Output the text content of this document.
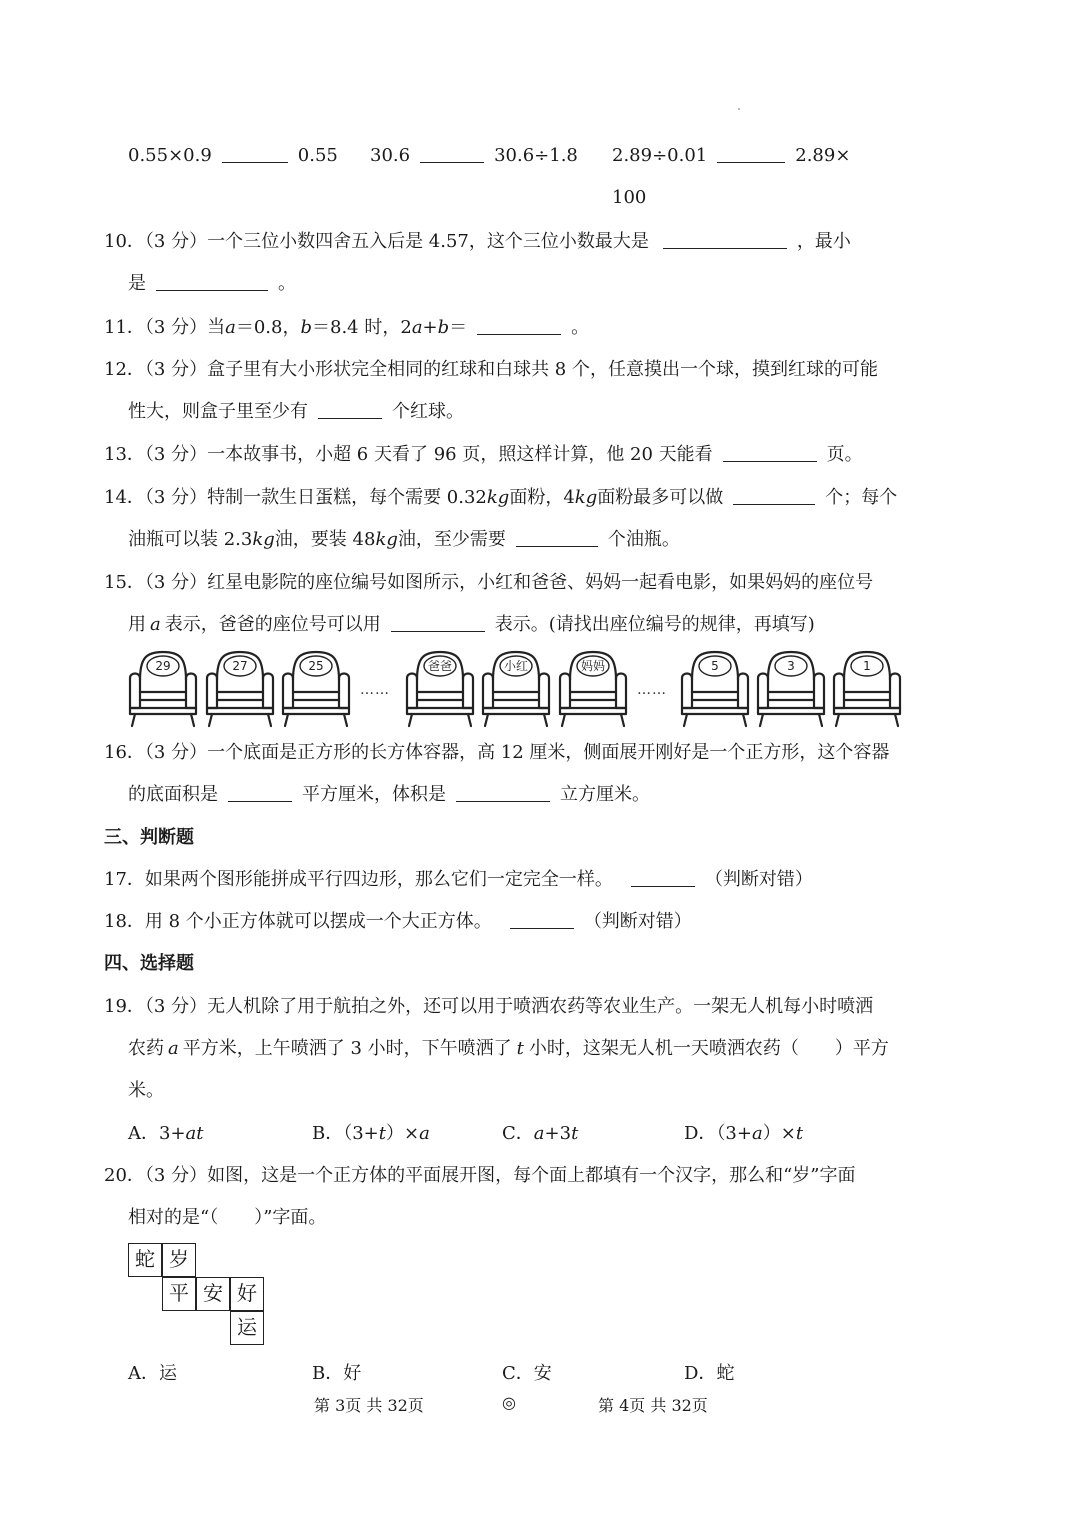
0.55×0.9	0.55 30.6	30.6÷1.8 2.89÷0.01	2.89×
100
10．（3 分）一个三位小数四舍五入后是 4.57，这个三位小数最大是	，最小
是	。
11．（3 分）当a＝0.8，b＝8.4 时，2a+b＝	。
12．（3 分）盒子里有大小形状完全相同的红球和白球共 8 个，任意摸出一个球，摸到红球的可能
性大，则盒子里至少有	个红球。
13．（3 分）一本故事书，小超 6 天看了 96 页，照这样计算，他 20 天能看	页。
14．（3 分）特制一款生日蛋糕，每个需要 0.32kg面粉，4kg面粉最多可以做	个；每个
油瓶可以装 2.3kg油，要装 48kg油，至少需要	个油瓶。
15．（3 分）红星电影院的座位编号如图所示，小红和爸爸、妈妈一起看电影，如果妈妈的座位号
用 a 表示，爸爸的座位号可以用	表示。(请找出座位编号的规律，再填写)
29	27	25	爸爸	小红	妈妈	5	3	1
……	……
16．（3 分）一个底面是正方形的长方体容器，高 12 厘米，侧面展开刚好是一个正方形，这个容器
的底面积是	平方厘米，体积是	立方厘米。
三、判断题
17．如果两个图形能拼成平行四边形，那么它们一定完全一样。	（判断对错）
18．用 8 个小正方体就可以摆成一个大正方体。	（判断对错）
四、选择题
19．（3 分）无人机除了用于航拍之外，还可以用于喷洒农药等农业生产。一架无人机每小时喷洒
农药 a 平方米，上午喷洒了 3 小时，下午喷洒了 t 小时，这架无人机一天喷洒农药（　　）平方
米。
A．3+at	B．（3+t）×a	C．a+3t	D．（3+a）×t
20．（3 分）如图，这是一个正方体的平面展开图，每个面上都填有一个汉字，那么和“岁”字面
相对的是“（　　）”字面。
蛇 岁
平 安 好
运
A．运	B．好	C．安	D．蛇
第 3页 共 32页	◎	第 4页 共 32页
